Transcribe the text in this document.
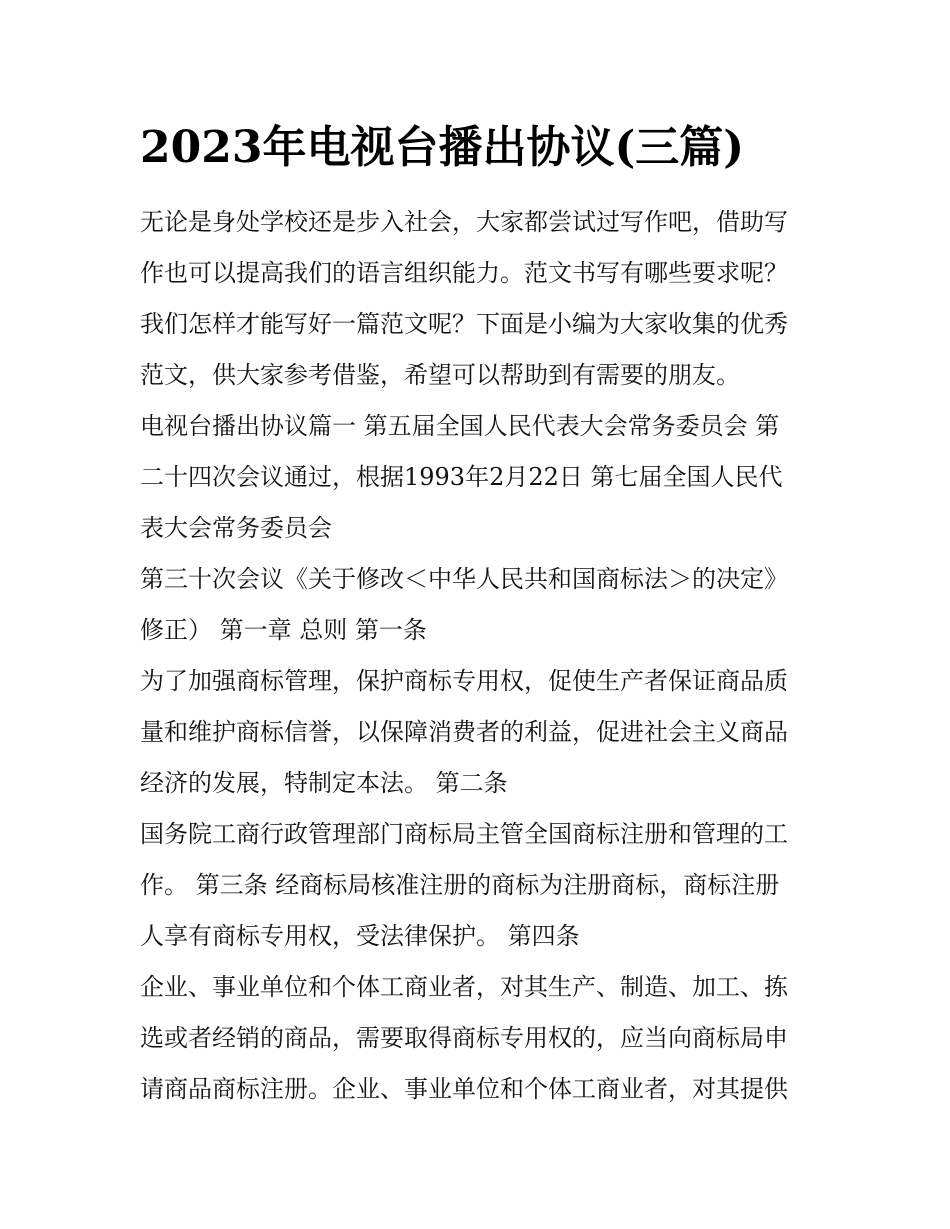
2023年电视台播出协议(三篇)
无论是身处学校还是步入社会，大家都尝试过写作吧，借助写
作也可以提高我们的语言组织能力。范文书写有哪些要求呢？
我们怎样才能写好一篇范文呢？下面是小编为大家收集的优秀
范文，供大家参考借鉴，希望可以帮助到有需要的朋友。
电视台播出协议篇一 第五届全国人民代表大会常务委员会 第
二十四次会议通过，根据1993年2月22日 第七届全国人民代
表大会常务委员会
第三十次会议《关于修改＜中华人民共和国商标法＞的决定》
修正） 第一章 总则 第一条
为了加强商标管理，保护商标专用权，促使生产者保证商品质
量和维护商标信誉，以保障消费者的利益，促进社会主义商品
经济的发展，特制定本法。 第二条
国务院工商行政管理部门商标局主管全国商标注册和管理的工
作。 第三条 经商标局核准注册的商标为注册商标，商标注册
人享有商标专用权，受法律保护。 第四条
企业、事业单位和个体工商业者，对其生产、制造、加工、拣
选或者经销的商品，需要取得商标专用权的，应当向商标局申
请商品商标注册。企业、事业单位和个体工商业者，对其提供
